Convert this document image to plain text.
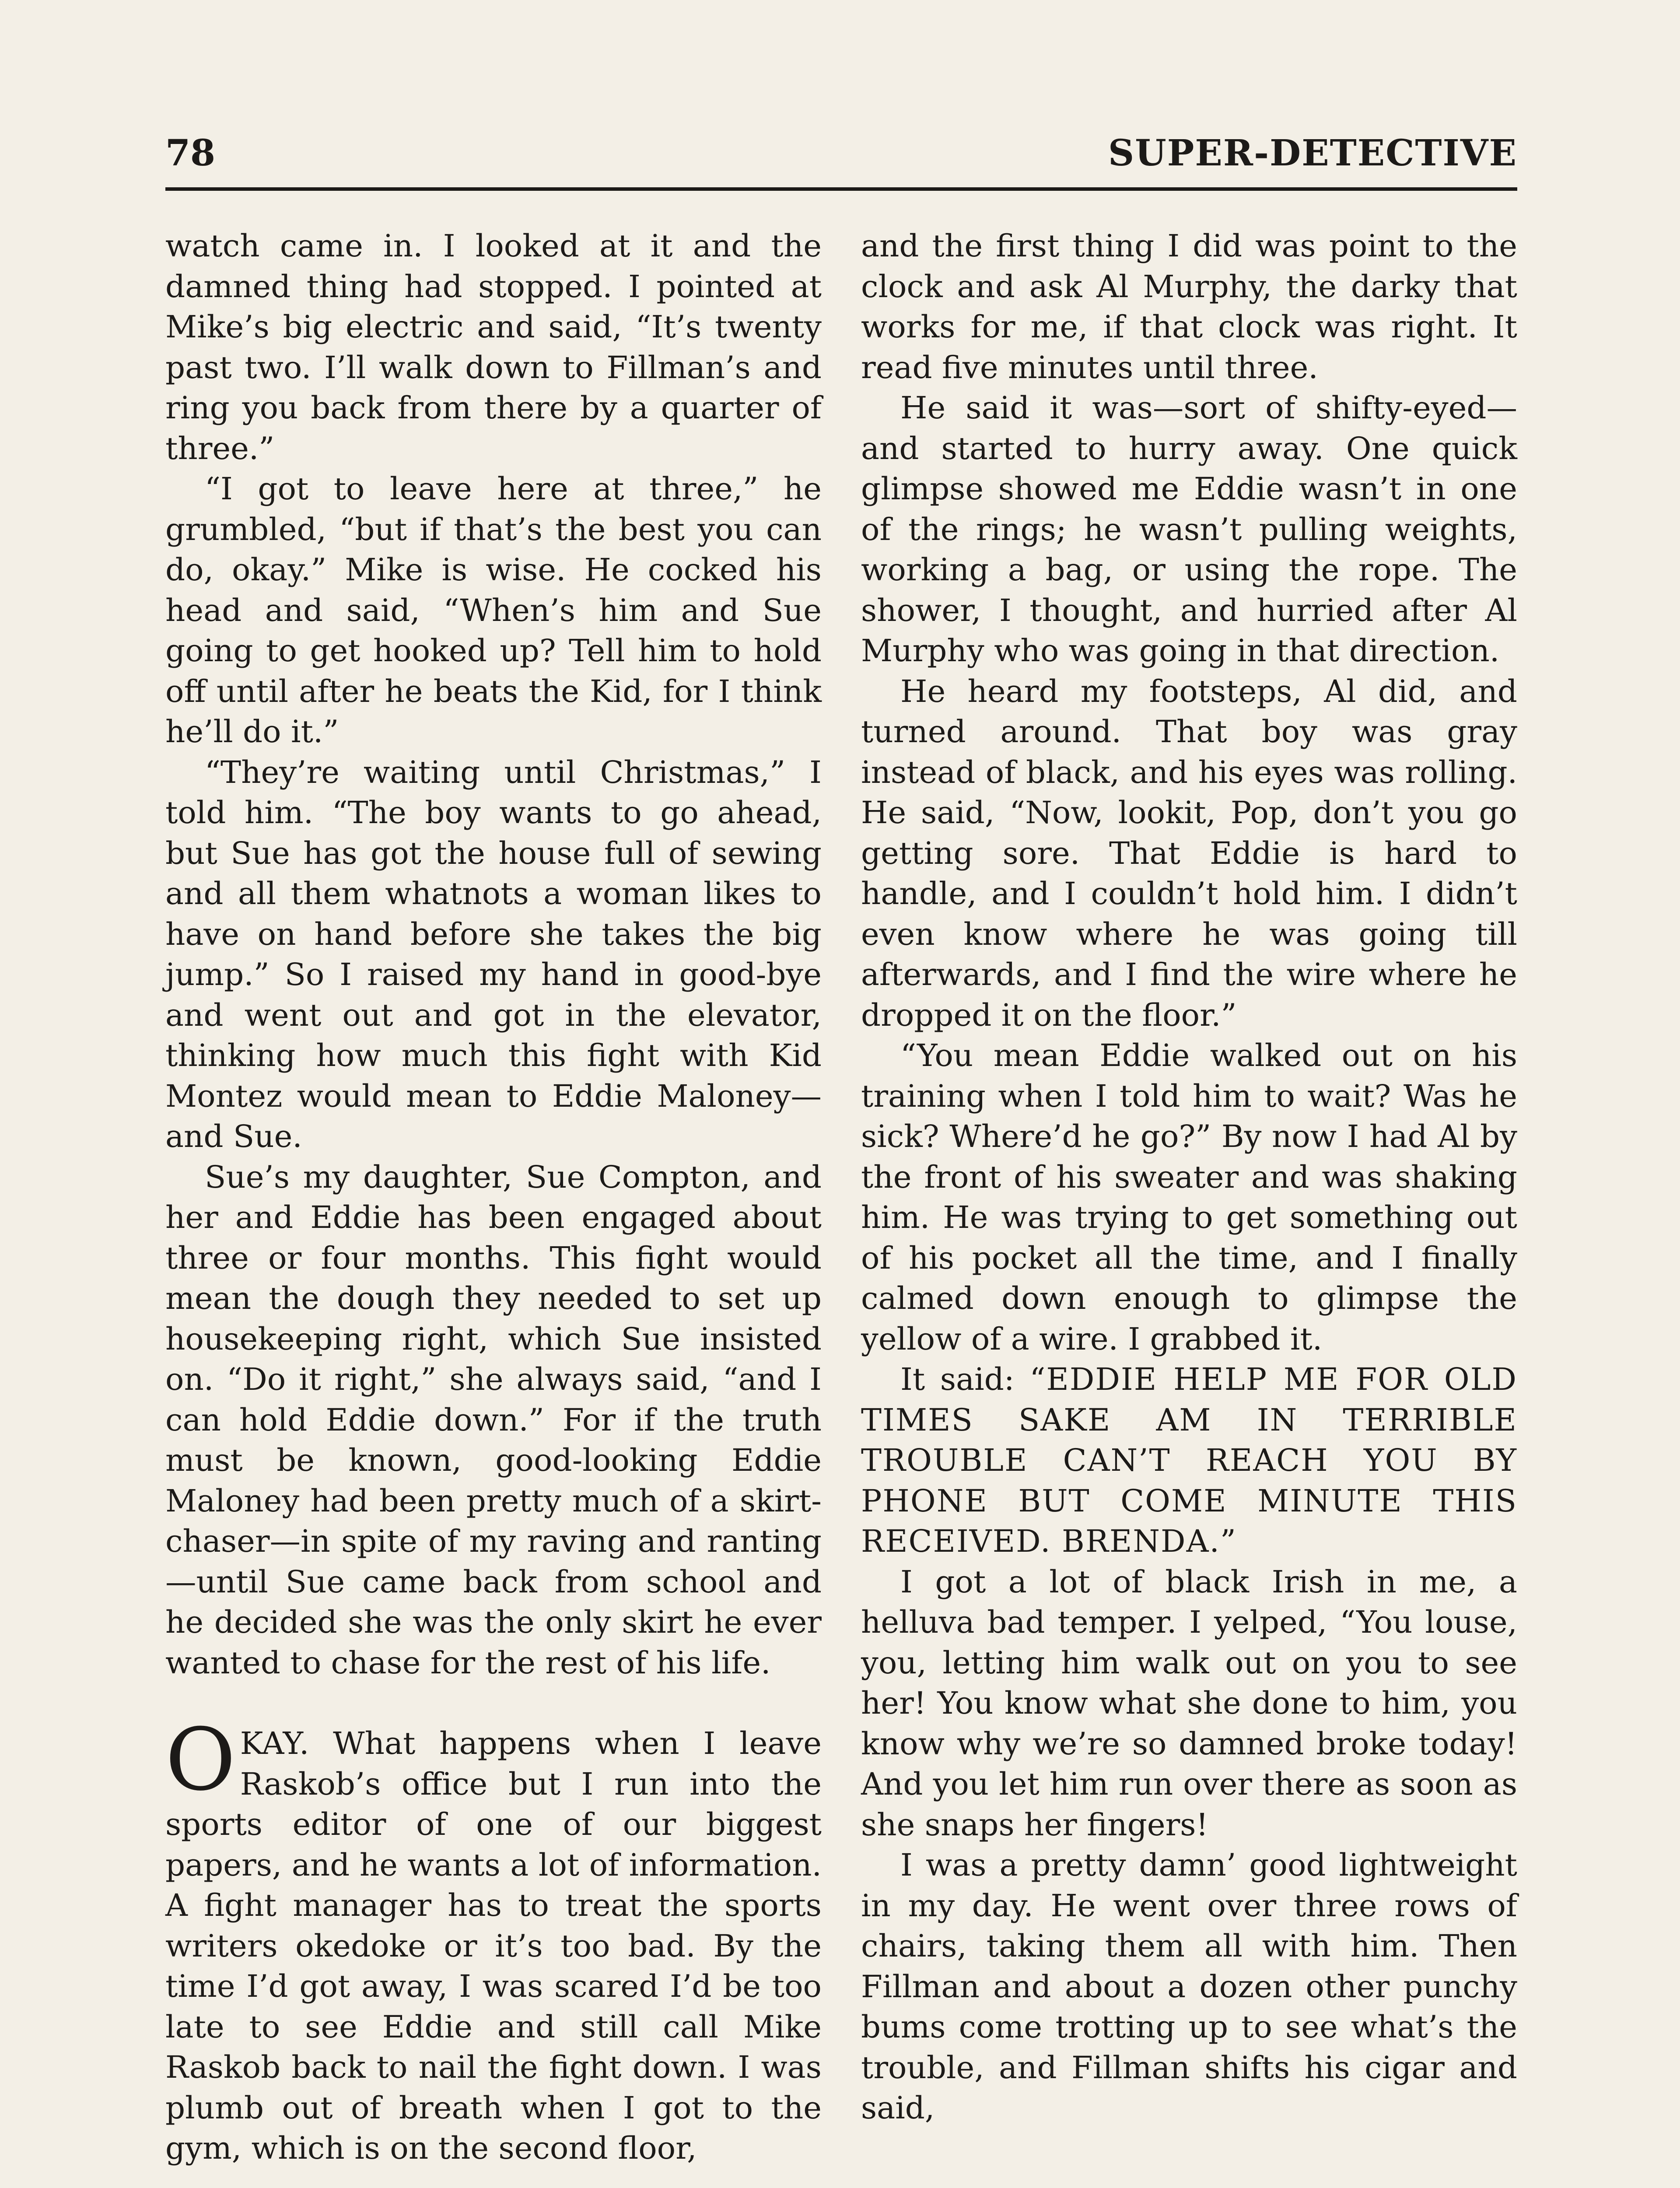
78	SUPER-DETECTIVE

watch came in. I looked at it and the damned thing had stopped. I pointed at Mike’s big electric and said, “It’s twenty past two. I’ll walk down to Fillman’s and ring you back from there by a quarter of three.”

“I got to leave here at three,” he grumbled, “but if that’s the best you can do, okay.” Mike is wise. He cocked his head and said, “When’s him and Sue going to get hooked up? Tell him to hold off until after he beats the Kid, for I think he’ll do it.”

“They’re waiting until Christmas,” I told him. “The boy wants to go ahead, but Sue has got the house full of sewing and all them whatnots a woman likes to have on hand before she takes the big jump.” So I raised my hand in good-bye and went out and got in the elevator, thinking how much this fight with Kid Montez would mean to Eddie Maloney—and Sue.

Sue’s my daughter, Sue Compton, and her and Eddie has been engaged about three or four months. This fight would mean the dough they needed to set up housekeeping right, which Sue insisted on. “Do it right,” she always said, “and I can hold Eddie down.” For if the truth must be known, good-looking Eddie Maloney had been pretty much of a skirt-chaser—in spite of my raving and ranting—until Sue came back from school and he decided she was the only skirt he ever wanted to chase for the rest of his life.

OKAY. What happens when I leave Raskob’s office but I run into the sports editor of one of our biggest papers, and he wants a lot of information. A fight manager has to treat the sports writers okedoke or it’s too bad. By the time I’d got away, I was scared I’d be too late to see Eddie and still call Mike Raskob back to nail the fight down. I was plumb out of breath when I got to the gym, which is on the second floor,

and the first thing I did was point to the clock and ask Al Murphy, the darky that works for me, if that clock was right. It read five minutes until three.

He said it was—sort of shifty-eyed—and started to hurry away. One quick glimpse showed me Eddie wasn’t in one of the rings; he wasn’t pulling weights, working a bag, or using the rope. The shower, I thought, and hurried after Al Murphy who was going in that direction.

He heard my footsteps, Al did, and turned around. That boy was gray instead of black, and his eyes was rolling. He said, “Now, lookit, Pop, don’t you go getting sore. That Eddie is hard to handle, and I couldn’t hold him. I didn’t even know where he was going till afterwards, and I find the wire where he dropped it on the floor.”

“You mean Eddie walked out on his training when I told him to wait? Was he sick? Where’d he go?” By now I had Al by the front of his sweater and was shaking him. He was trying to get something out of his pocket all the time, and I finally calmed down enough to glimpse the yellow of a wire. I grabbed it.

It said: “EDDIE HELP ME FOR OLD TIMES SAKE AM IN TERRIBLE TROUBLE CAN’T REACH YOU BY PHONE BUT COME MINUTE THIS RECEIVED. BRENDA.”

I got a lot of black Irish in me, a helluva bad temper. I yelped, “You louse, you, letting him walk out on you to see her! You know what she done to him, you know why we’re so damned broke today! And you let him run over there as soon as she snaps her fingers!

I was a pretty damn’ good lightweight in my day. He went over three rows of chairs, taking them all with him. Then Fillman and about a dozen other punchy bums come trotting up to see what’s the trouble, and Fillman shifts his cigar and said,
